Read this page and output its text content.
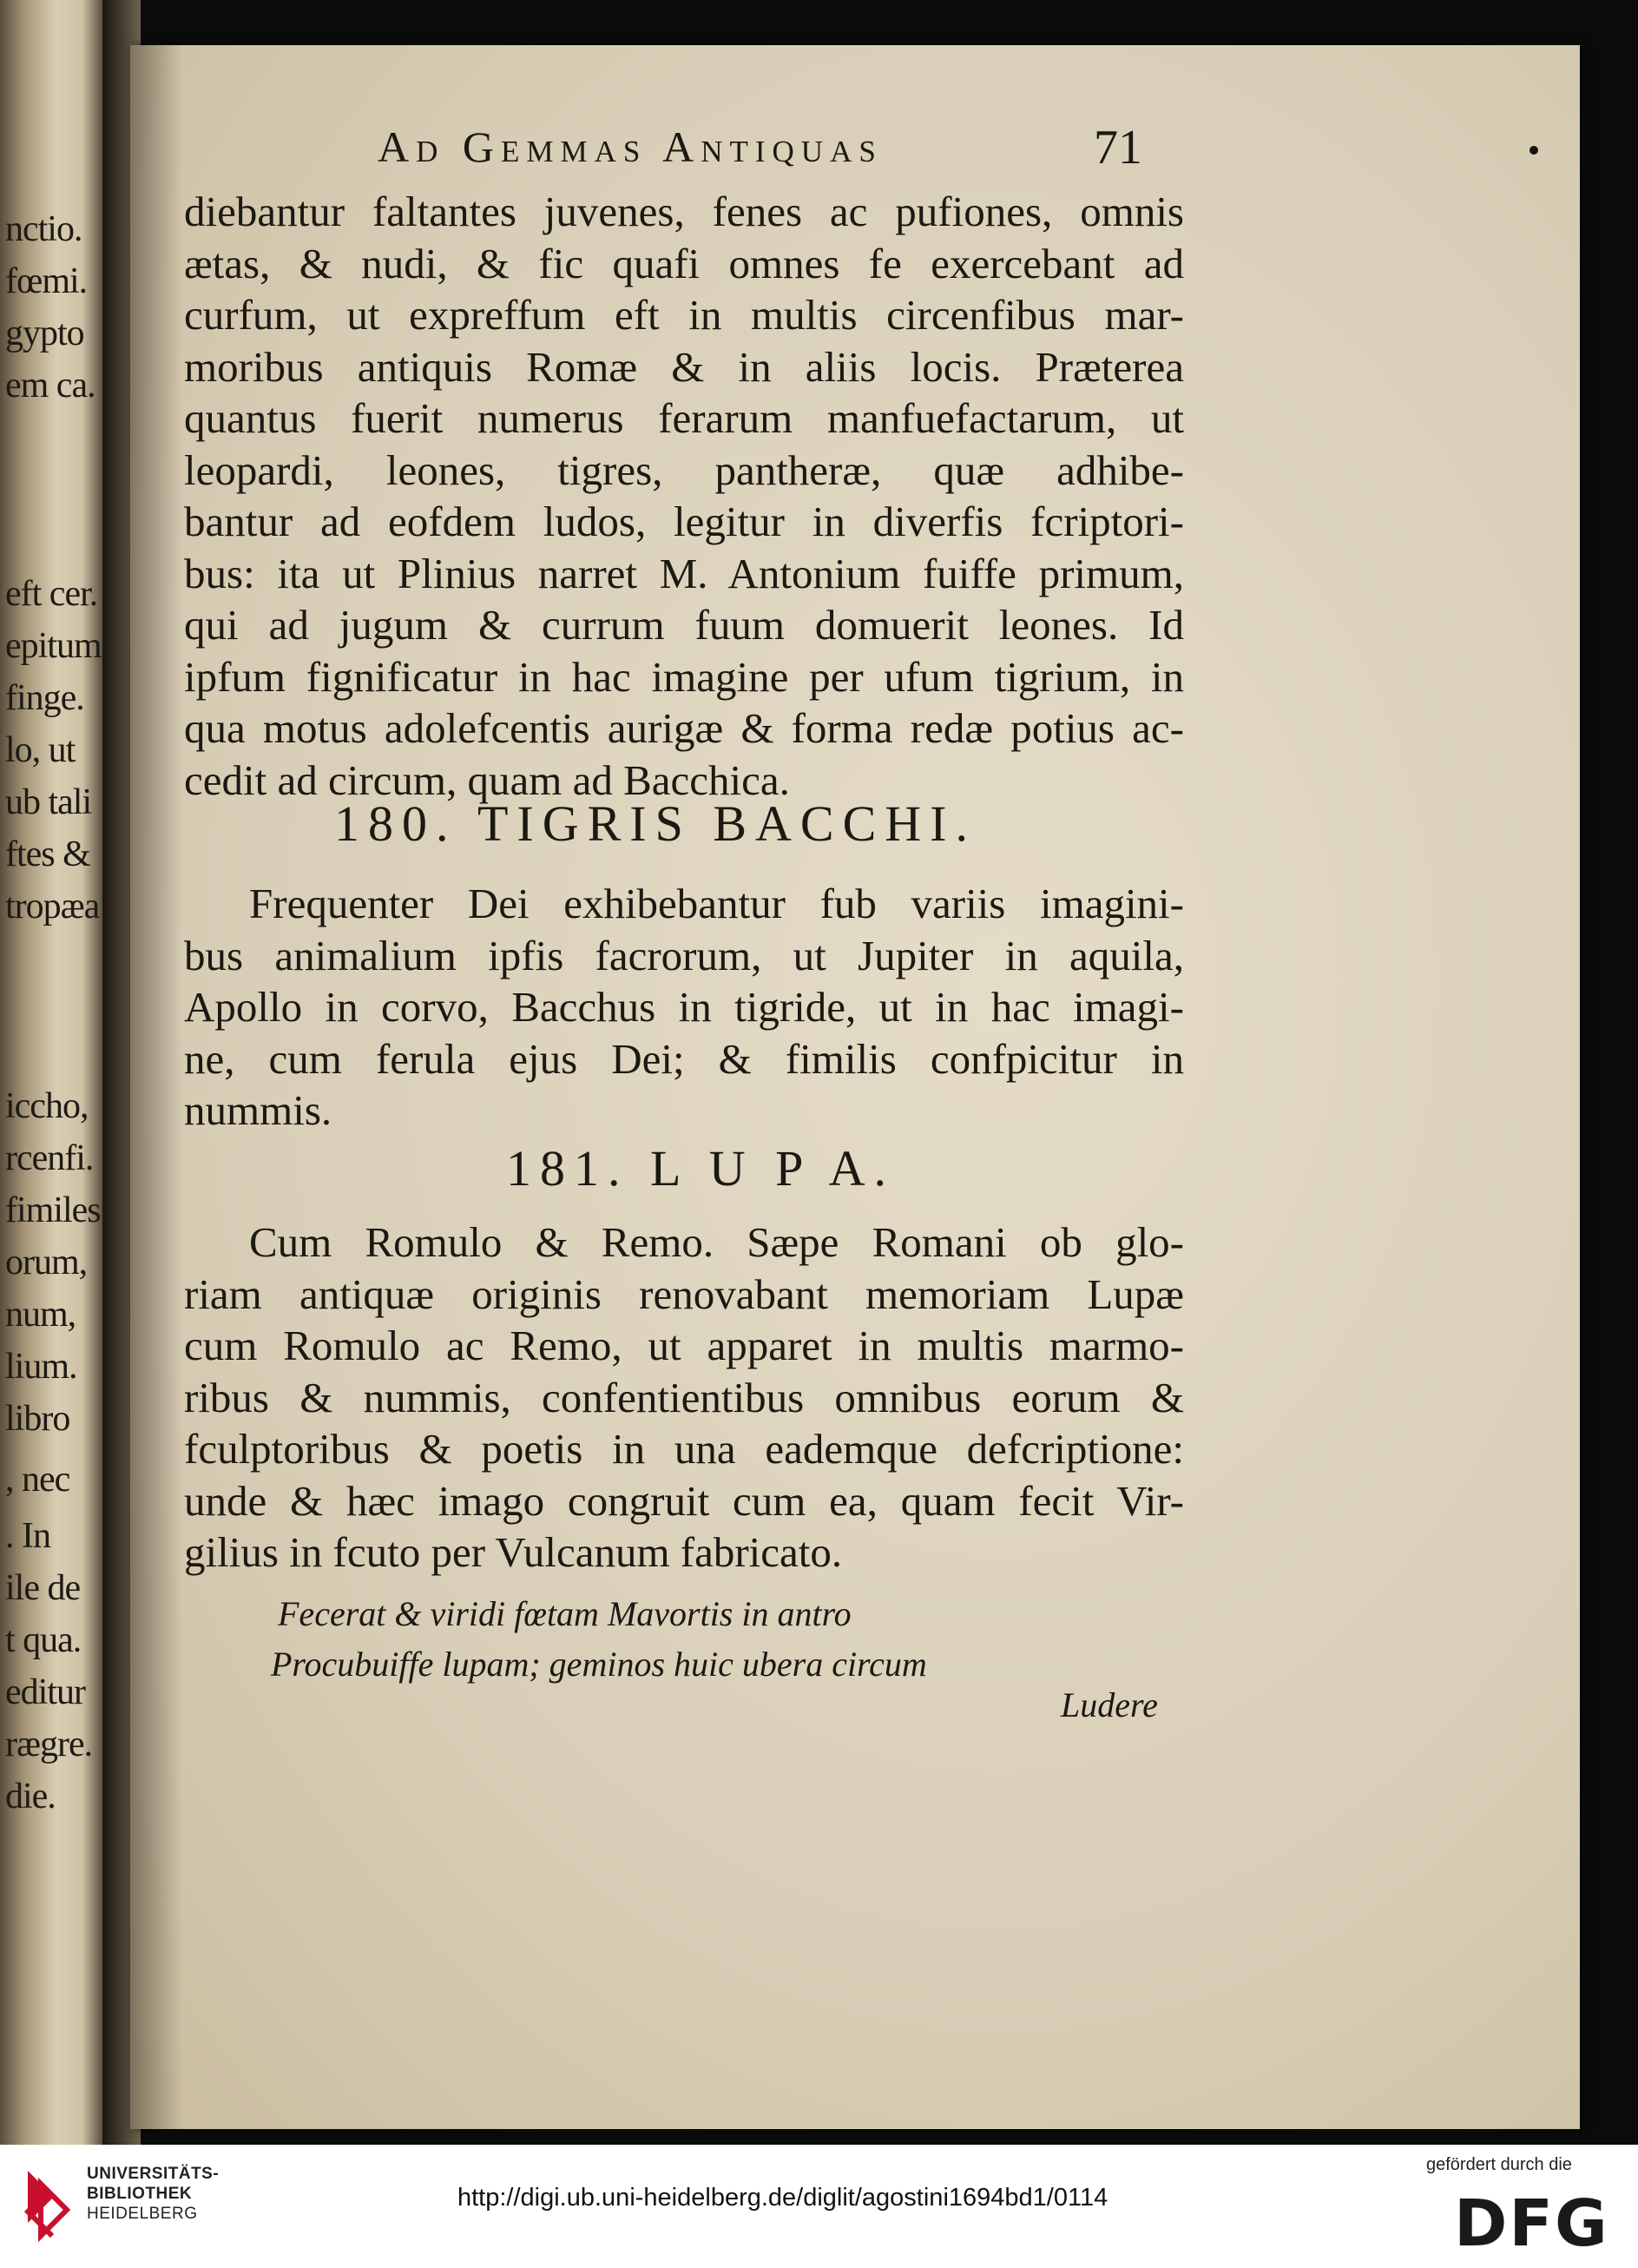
nctio.
fœmi.
gypto
em ca.
eft cer.
epitum
finge.
lo, ut
ub tali
ftes &
tropæa
iccho,
rcenfi.
fimiles
orum,
num,
lium.
libro
, nec
. In
ile de
t qua.
editur
rægre.
die.
Ad Gemmas Antiquas	71
diebantur faltantes juvenes, fenes ac pufiones, omnis
ætas, & nudi, & fic quafi omnes fe exercebant ad
curfum, ut expreffum eft in multis circenfibus mar-
moribus antiquis Romæ & in aliis locis. Præterea
quantus fuerit numerus ferarum manfuefactarum, ut
leopardi, leones, tigres, pantheræ, quæ adhibe-
bantur ad eofdem ludos, legitur in diverfis fcriptori-
bus: ita ut Plinius narret M. Antonium fuiffe primum,
qui ad jugum & currum fuum domuerit leones. Id
ipfum fignificatur in hac imagine per ufum tigrium, in
qua motus adolefcentis aurigæ & forma redæ potius ac-
cedit ad circum, quam ad Bacchica.
180. TIGRIS BACCHI.
Frequenter Dei exhibebantur fub variis imagini-
bus animalium ipfis facrorum, ut Jupiter in aquila,
Apollo in corvo, Bacchus in tigride, ut in hac imagi-
ne, cum ferula ejus Dei; & fimilis confpicitur in
nummis.
181. L U P A.
Cum Romulo & Remo. Sæpe Romani ob glo-
riam antiquæ originis renovabant memoriam Lupæ
cum Romulo ac Remo, ut apparet in multis marmo-
ribus & nummis, confentientibus omnibus eorum &
fculptoribus & poetis in una eademque defcriptione:
unde & hæc imago congruit cum ea, quam fecit Vir-
gilius in fcuto per Vulcanum fabricato.
Fecerat & viridi fœtam Mavortis in antro
Procubuiffe lupam; geminos huic ubera circum
Ludere
UNIVERSITÄTS-
BIBLIOTHEK
HEIDELBERG
http://digi.ub.uni-heidelberg.de/diglit/agostini1694bd1/0114
gefördert durch die
DFG
